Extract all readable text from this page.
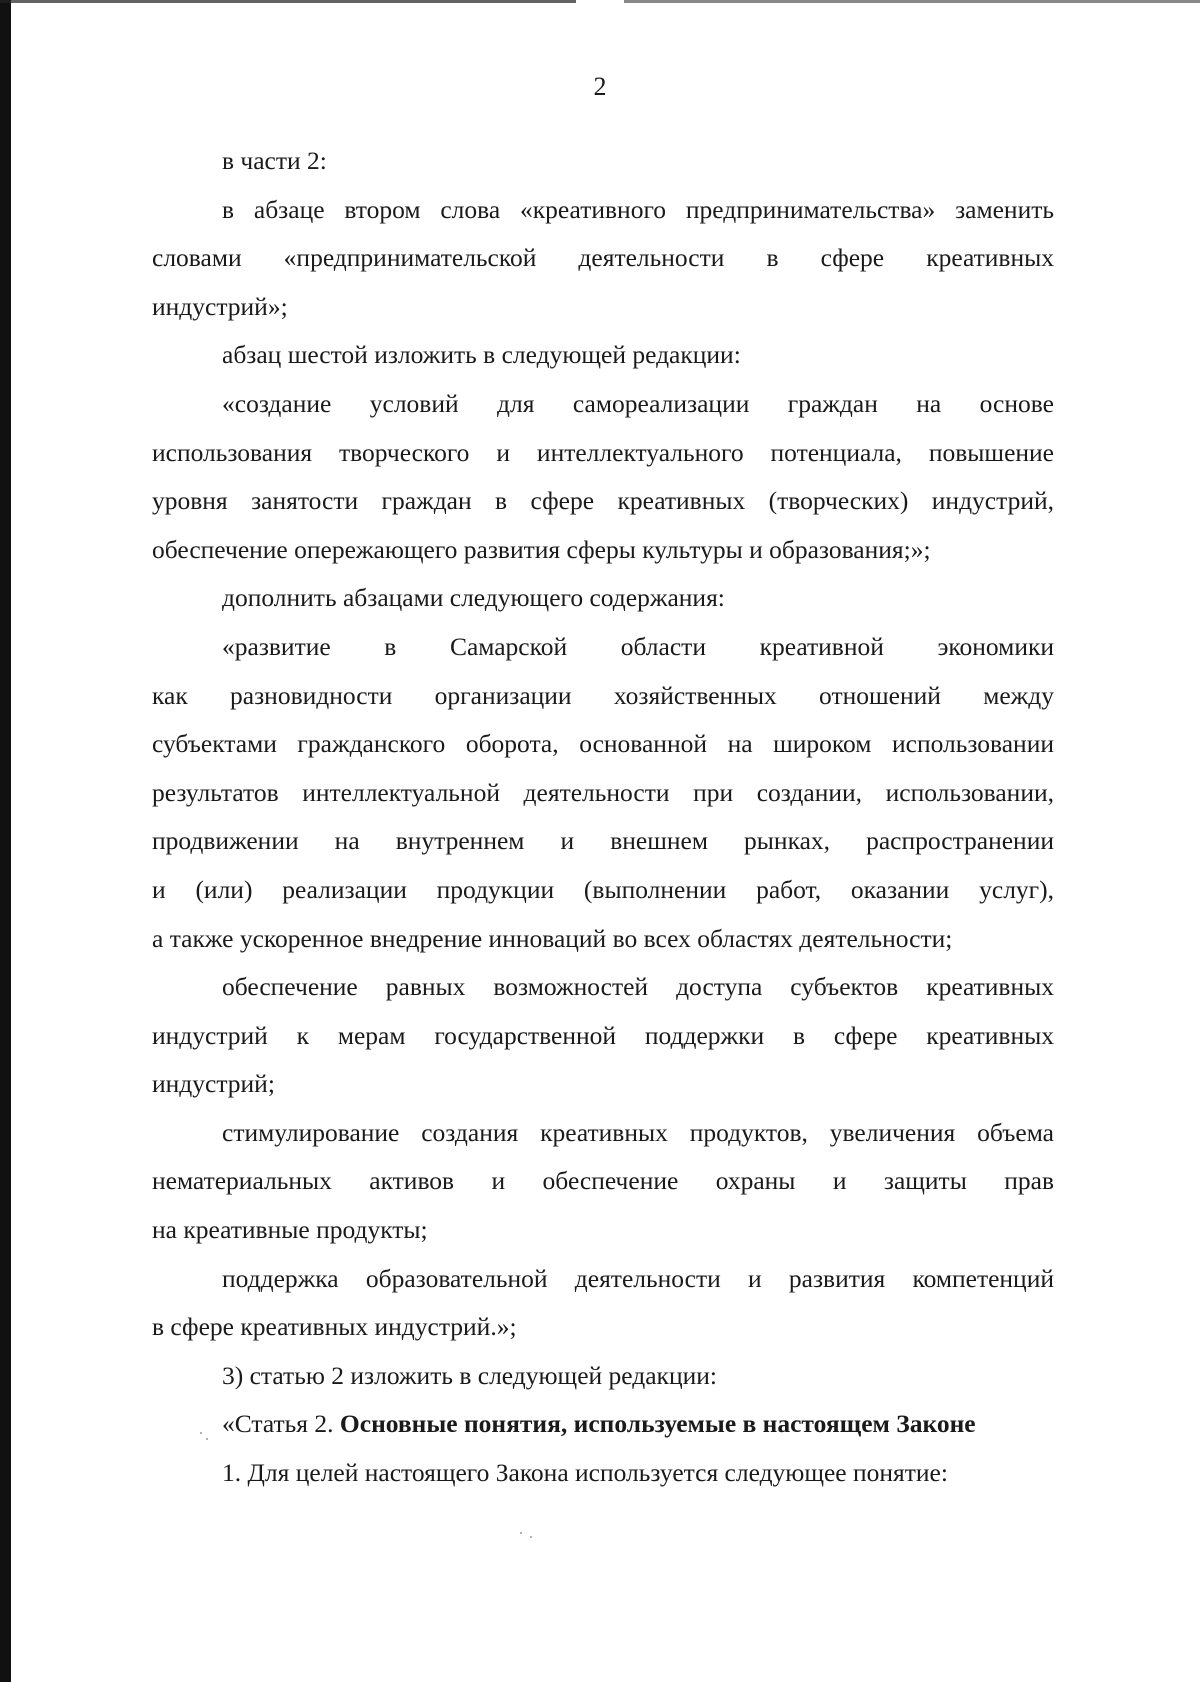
2
в части 2:
в абзаце втором слова «креативного предпринимательства» заменить
словами «предпринимательской деятельности в сфере креативных
индустрий»;
абзац шестой изложить в следующей редакции:
«создание условий для самореализации граждан на основе
использования творческого и интеллектуального потенциала, повышение
уровня занятости граждан в сфере креативных (творческих) индустрий,
обеспечение опережающего развития сферы культуры и образования;»;
дополнить абзацами следующего содержания:
«развитие в Самарской области креативной экономики
как разновидности организации хозяйственных отношений между
субъектами гражданского оборота, основанной на широком использовании
результатов интеллектуальной деятельности при создании, использовании,
продвижении на внутреннем и внешнем рынках, распространении
и (или) реализации продукции (выполнении работ, оказании услуг),
а также ускоренное внедрение инноваций во всех областях деятельности;
обеспечение равных возможностей доступа субъектов креативных
индустрий к мерам государственной поддержки в сфере креативных
индустрий;
стимулирование создания креативных продуктов, увеличения объема
нематериальных активов и обеспечение охраны и защиты прав
на креативные продукты;
поддержка образовательной деятельности и развития компетенций
в сфере креативных индустрий.»;
3) статью 2 изложить в следующей редакции:
«Статья 2. Основные понятия, используемые в настоящем Законе
1. Для целей настоящего Закона используется следующее понятие:
